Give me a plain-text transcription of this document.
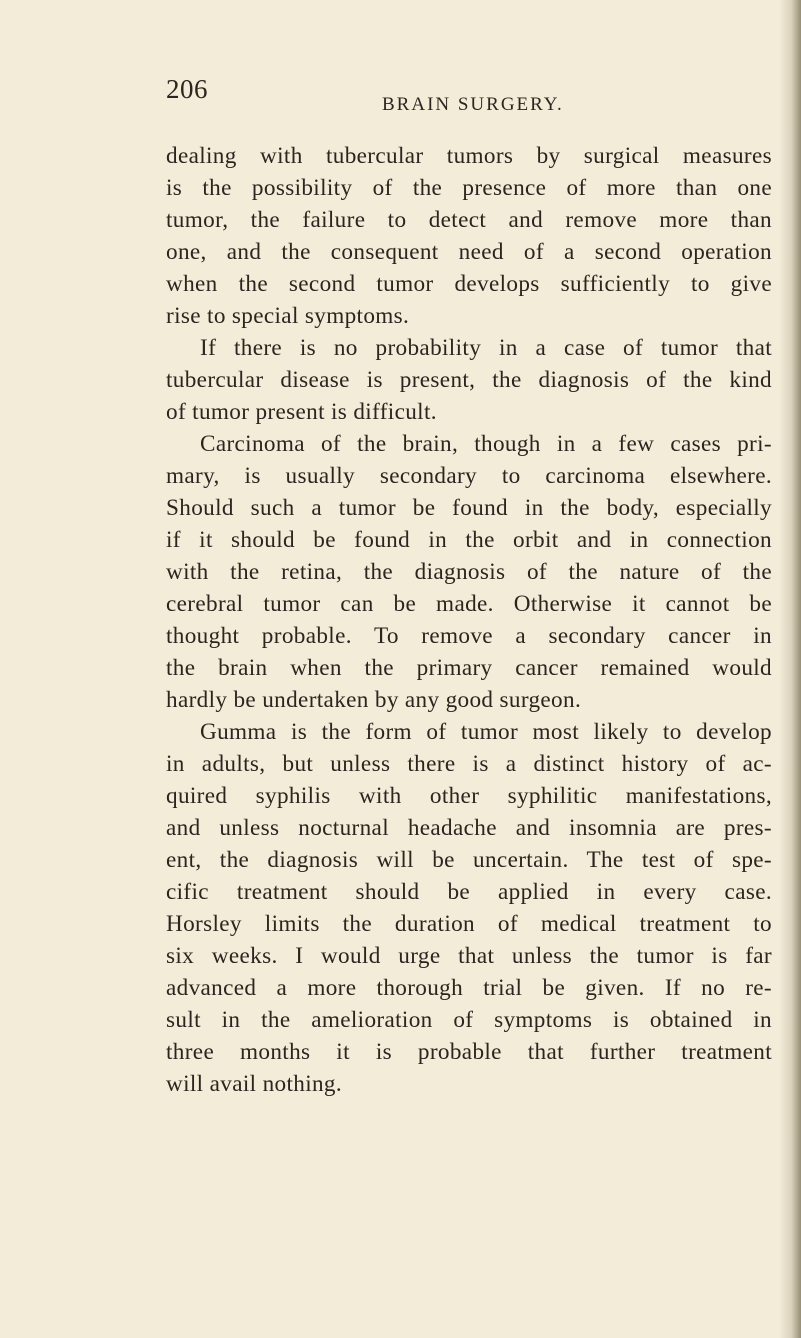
206
BRAIN SURGERY.
dealing with tubercular tumors by surgical measures
is the possibility of the presence of more than one
tumor, the failure to detect and remove more than
one, and the consequent need of a second operation
when the second tumor develops sufficiently to give
rise to special symptoms.
If there is no probability in a case of tumor that
tubercular disease is present, the diagnosis of the kind
of tumor present is difficult.
Carcinoma of the brain, though in a few cases pri-
mary, is usually secondary to carcinoma elsewhere.
Should such a tumor be found in the body, especially
if it should be found in the orbit and in connection
with the retina, the diagnosis of the nature of the
cerebral tumor can be made. Otherwise it cannot be
thought probable. To remove a secondary cancer in
the brain when the primary cancer remained would
hardly be undertaken by any good surgeon.
Gumma is the form of tumor most likely to develop
in adults, but unless there is a distinct history of ac-
quired syphilis with other syphilitic manifestations,
and unless nocturnal headache and insomnia are pres-
ent, the diagnosis will be uncertain. The test of spe-
cific treatment should be applied in every case.
Horsley limits the duration of medical treatment to
six weeks. I would urge that unless the tumor is far
advanced a more thorough trial be given. If no re-
sult in the amelioration of symptoms is obtained in
three months it is probable that further treatment
will avail nothing.
